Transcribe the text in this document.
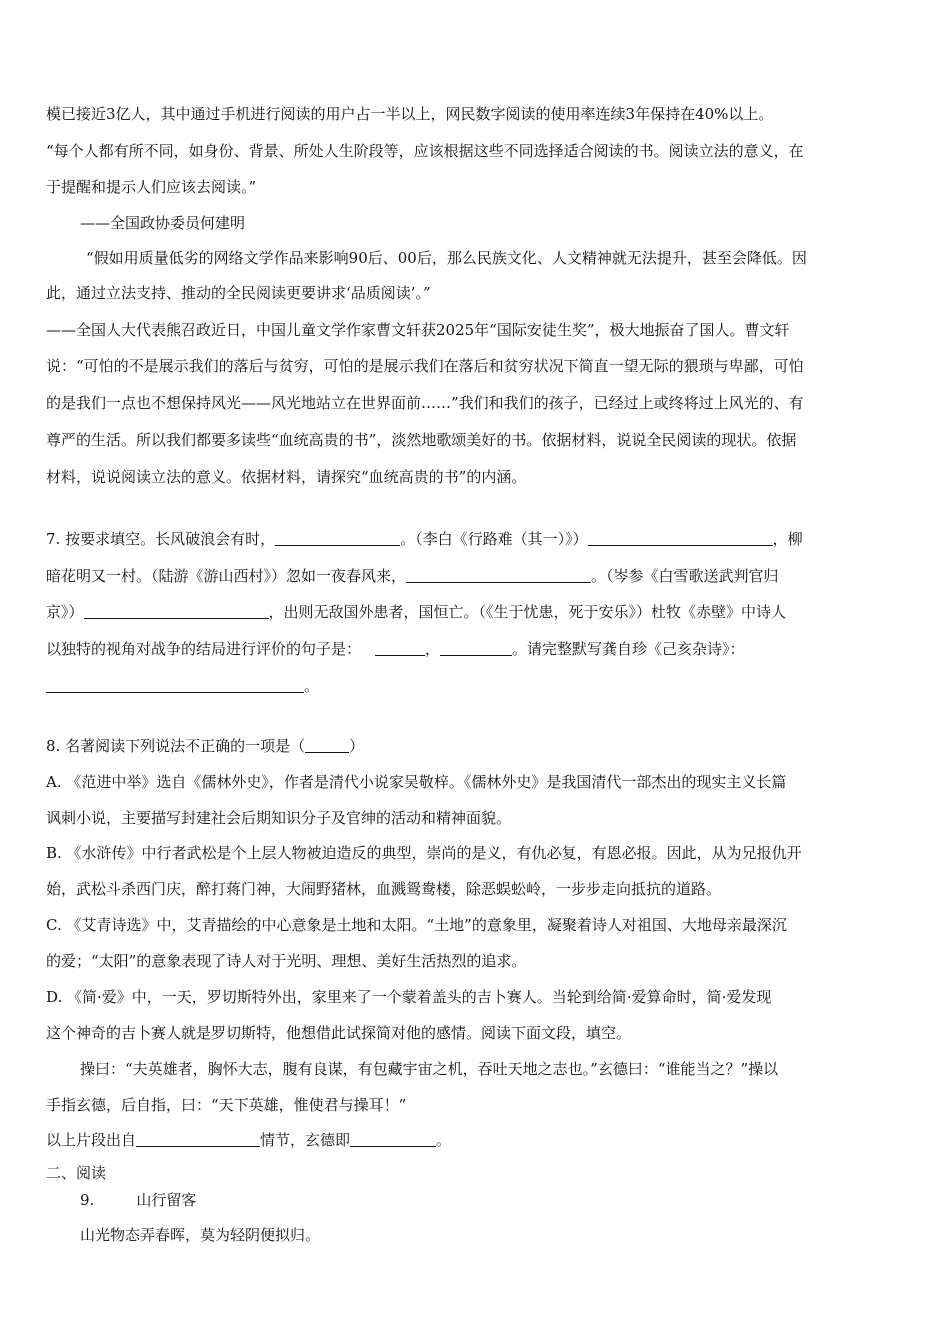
模已接近3亿人，其中通过手机进行阅读的用户占一半以上，网民数字阅读的使用率连续3年保持在40%以上。
“每个人都有所不同，如身份、背景、所处人生阶段等，应该根据这些不同选择适合阅读的书。阅读立法的意义，在
于提醒和提示人们应该去阅读。”
——全国政协委员何建明
“假如用质量低劣的网络文学作品来影响90后、00后，那么民族文化、人文精神就无法提升，甚至会降低。因
此，通过立法支持、推动的全民阅读更要讲求‘品质阅读’。”
——全国人大代表熊召政近日，中国儿童文学作家曹文轩获2025年“国际安徒生奖”，极大地振奋了国人。曹文轩
说：“可怕的不是展示我们的落后与贫穷，可怕的是展示我们在落后和贫穷状况下简直一望无际的猥琐与卑鄙，可怕
的是我们一点也不想保持风光——风光地站立在世界面前……”我们和我们的孩子，已经过上或终将过上风光的、有
尊严的生活。所以我们都要多读些“血统高贵的书”，淡然地歌颂美好的书。依据材料，说说全民阅读的现状。依据
材料，说说阅读立法的意义。依据材料，请探究“血统高贵的书”的内涵。
7. 按要求填空。长风破浪会有时，	。（李白《行路难（其一）》）	，柳
暗花明又一村。（陆游《游山西村》）忽如一夜春风来，	。（岑参《白雪歌送武判官归
京》）	，出则无敌国外患者，国恒亡。（《生于忧患，死于安乐》）杜牧《赤壁》中诗人
以独特的视角对战争的结局进行评价的句子是：	，	。请完整默写龚自珍《己亥杂诗》：
。
8. 名著阅读下列说法不正确的一项是（	）
A. 《范进中举》选自《儒林外史》，作者是清代小说家吴敬梓。《儒林外史》是我国清代一部杰出的现实主义长篇
讽刺小说，主要描写封建社会后期知识分子及官绅的活动和精神面貌。
B. 《水浒传》中行者武松是个上层人物被迫造反的典型，崇尚的是义，有仇必复，有恩必报。因此，从为兄报仇开
始，武松斗杀西门庆，醉打蒋门神，大闹野猪林，血溅鸳鸯楼，除恶蜈蚣岭，一步步走向抵抗的道路。
C. 《艾青诗选》中，艾青描绘的中心意象是土地和太阳。“土地”的意象里，凝聚着诗人对祖国、大地母亲最深沉
的爱；“太阳”的意象表现了诗人对于光明、理想、美好生活热烈的追求。
D. 《简·爱》中，一天，罗切斯特外出，家里来了一个蒙着盖头的吉卜赛人。当轮到给简·爱算命时，简·爱发现
这个神奇的吉卜赛人就是罗切斯特，他想借此试探简对他的感情。阅读下面文段，填空。
操曰：“夫英雄者，胸怀大志，腹有良谋，有包藏宇宙之机，吞吐天地之志也。”玄德曰：“谁能当之？”操以
手指玄德，后自指，曰：“天下英雄，惟使君与操耳！”
以上片段出自	情节，玄德即	。
二、阅读
9.	山行留客
山光物态弄春晖，莫为轻阴便拟归。
